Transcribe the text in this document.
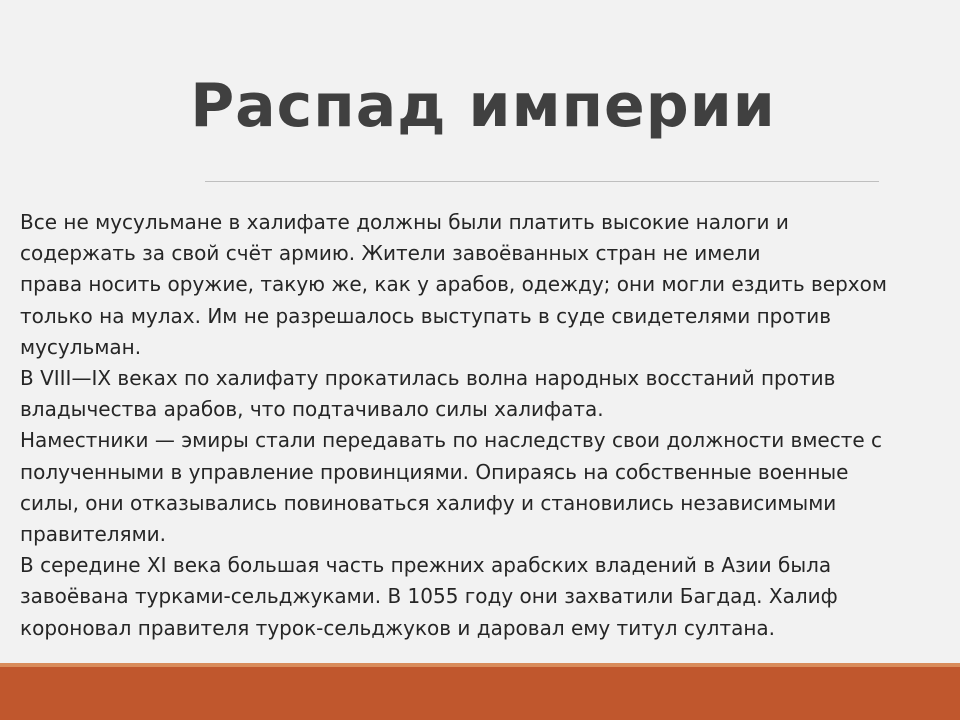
Распад империи

Все не мусульмане в халифате должны были платить высокие налоги и

содержать за свой счёт армию. Жители завоёванных стран не имели

права носить оружие, такую же, как у арабов, одежду; они могли ездить верхом

только на мулах. Им не разрешалось выступать в суде свидетелями против

мусульман.

В VIII—IX веках по халифату прокатилась волна народных восстаний против

владычества арабов, что подтачивало силы халифата.

Наместники — эмиры стали передавать по наследству свои должности вместе с

полученными в управление провинциями. Опираясь на собственные военные

силы, они отказывались повиноваться халифу и становились независимыми

правителями.

В середине XI века большая часть прежних арабских владений в Азии была

завоёвана турками-сельджуками. В 1055 году они захватили Багдад. Халиф

короновал правителя турок-сельджуков и даровал ему титул султана.
